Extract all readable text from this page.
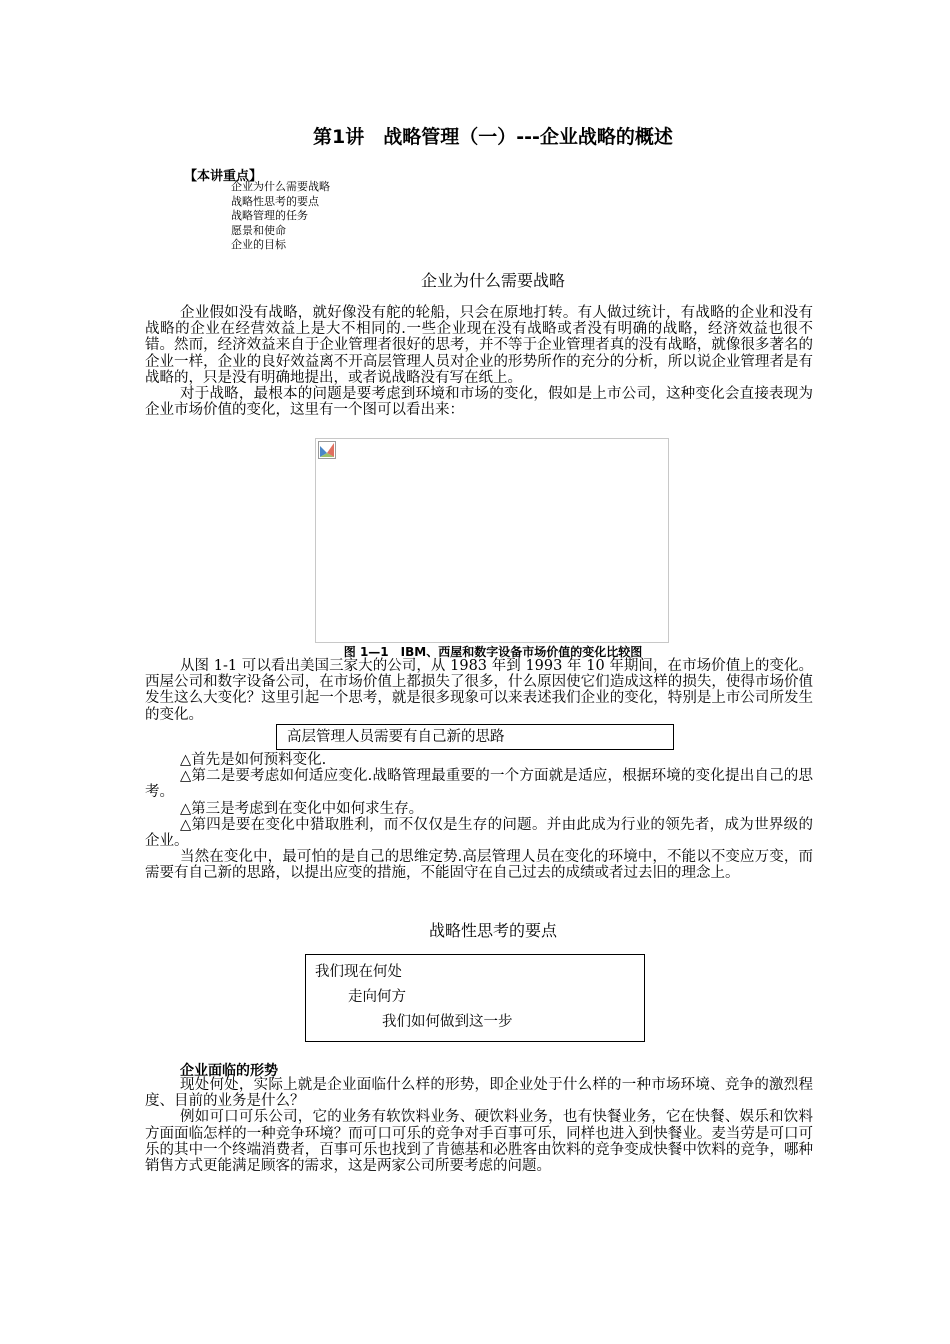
第1讲　战略管理（一）---企业战略的概述
【本讲重点】
企业为什么需要战略
战略性思考的要点
战略管理的任务
愿景和使命
企业的目标
企业为什么需要战略

企业假如没有战略，就好像没有舵的轮船，只会在原地打转。有人做过统计，有战略的企业和没有战略的企业在经营效益上是大不相同的.一些企业现在没有战略或者没有明确的战略，经济效益也很不错。然而，经济效益来自于企业管理者很好的思考，并不等于企业管理者真的没有战略，就像很多著名的企业一样，企业的良好效益离不开高层管理人员对企业的形势所作的充分的分析，所以说企业管理者是有战略的，只是没有明确地提出，或者说战略没有写在纸上。

对于战略，最根本的问题是要考虑到环境和市场的变化，假如是上市公司，这种变化会直接表现为企业市场价值的变化，这里有一个图可以看出来：

图 1—1　IBM、西屋和数字设备市场价值的变化比较图

从图 1-1 可以看出美国三家大的公司，从 1983 年到 1993 年 10 年期间，在市场价值上的变化。西屋公司和数字设备公司，在市场价值上都损失了很多，什么原因使它们造成这样的损失，使得市场价值发生这么大变化？这里引起一个思考，就是很多现象可以来表述我们企业的变化，特别是上市公司所发生的变化。

高层管理人员需要有自己新的思路

△首先是如何预料变化.

△第二是要考虑如何适应变化.战略管理最重要的一个方面就是适应，根据环境的变化提出自己的思考。

△第三是考虑到在变化中如何求生存。

△第四是要在变化中猎取胜利，而不仅仅是生存的问题。并由此成为行业的领先者，成为世界级的企业。

当然在变化中，最可怕的是自己的思维定势.高层管理人员在变化的环境中，不能以不变应万变，而需要有自己新的思路，以提出应变的措施，不能固守在自己过去的成绩或者过去旧的理念上。

战略性思考的要点
我们现在何处
走向何方
我们如何做到这一步
企业面临的形势

现处何处，实际上就是企业面临什么样的形势，即企业处于什么样的一种市场环境、竞争的激烈程度、目前的业务是什么？

例如可口可乐公司，它的业务有软饮料业务、硬饮料业务，也有快餐业务，它在快餐、娱乐和饮料方面面临怎样的一种竞争环境？而可口可乐的竞争对手百事可乐，同样也进入到快餐业。麦当劳是可口可乐的其中一个终端消费者，百事可乐也找到了肯德基和必胜客由饮料的竞争变成快餐中饮料的竞争，哪种销售方式更能满足顾客的需求，这是两家公司所要考虑的问题。
